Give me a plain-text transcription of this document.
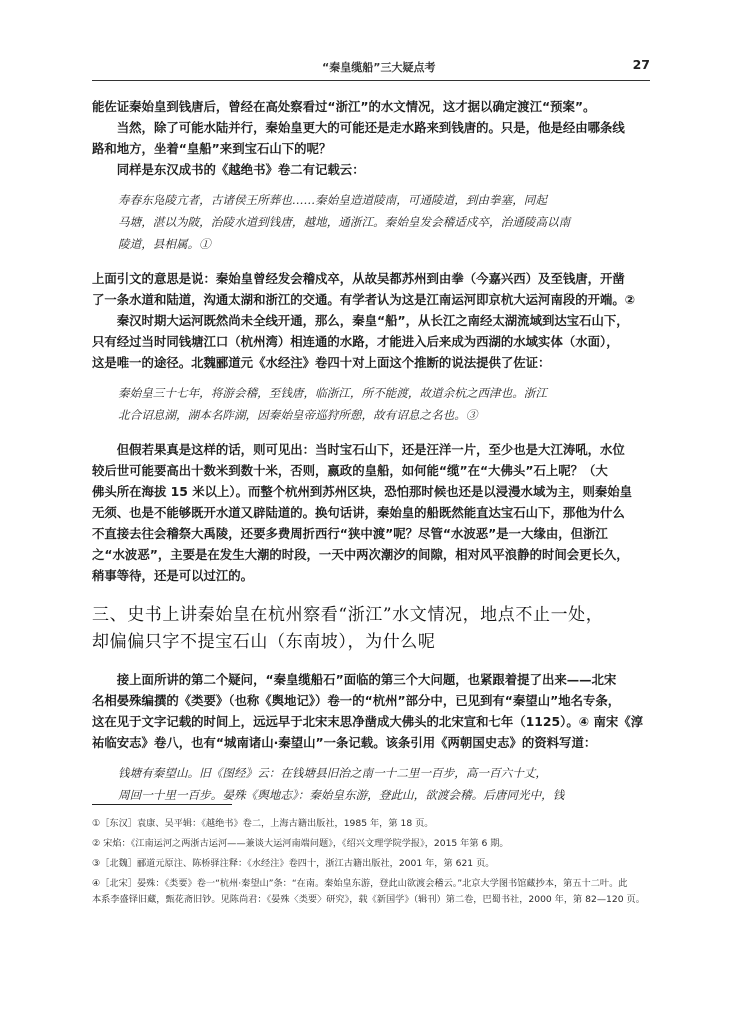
“秦皇缆船”三大疑点考	27

能佐证秦始皇到钱唐后，曾经在高处察看过“浙江”的水文情况，这才据以确定渡江“预案”。

　　当然，除了可能水陆并行，秦始皇更大的可能还是走水路来到钱唐的。只是，他是经由哪条线

路和地方，坐着“皇船”来到宝石山下的呢？

　　同样是东汉成书的《越绝书》卷二有记载云：

寿春东凫陵亢者，古诸侯王所葬也……秦始皇造道陵南，可通陵道，到由拳塞，同起

马塘，湛以为陂，治陵水道到钱唐，越地，通浙江。秦始皇发会稽适戍卒，治通陵高以南

陵道，县相属。①

上面引文的意思是说：秦始皇曾经发会稽戍卒，从故吴都苏州到由拳（今嘉兴西）及至钱唐，开凿

了一条水道和陆道，沟通太湖和浙江的交通。有学者认为这是江南运河即京杭大运河南段的开端。②

　　秦汉时期大运河既然尚未全线开通，那么，秦皇“船”，从长江之南经太湖流域到达宝石山下，

只有经过当时同钱塘江口（杭州湾）相连通的水路，才能进入后来成为西湖的水域实体（水面），

这是唯一的途径。北魏郦道元《水经注》卷四十对上面这个推断的说法提供了佐证：

秦始皇三十七年，将游会稽，至钱唐，临浙江，所不能渡，故道余杭之西津也。浙江

北合诏息湖，湖本名阼湖，因秦始皇帝巡狩所憩，故有诏息之名也。③

　　但假若果真是这样的话，则可见出：当时宝石山下，还是汪洋一片，至少也是大江涛吼，水位

较后世可能要高出十数米到数十米，否则，嬴政的皇船，如何能“缆”在“大佛头”石上呢？（大

佛头所在海拔 15 米以上）。而整个杭州到苏州区块，恐怕那时候也还是以浸漫水域为主，则秦始皇

无须、也是不能够既开水道又辟陆道的。换句话讲，秦始皇的船既然能直达宝石山下，那他为什么

不直接去往会稽祭大禹陵，还要多费周折西行“狭中渡”呢？尽管“水波恶”是一大缘由，但浙江

之“水波恶”，主要是在发生大潮的时段，一天中两次潮汐的间隙，相对风平浪静的时间会更长久，

稍事等待，还是可以过江的。

三、史书上讲秦始皇在杭州察看“浙江”水文情况，地点不止一处，

却偏偏只字不提宝石山（东南坡），为什么呢

　　接上面所讲的第二个疑问，“秦皇缆船石”面临的第三个大问题，也紧跟着提了出来——北宋

名相晏殊编撰的《类要》（也称《舆地记》）卷一的“杭州”部分中，已见到有“秦望山”地名专条，

这在见于文字记载的时间上，远远早于北宋末思净凿成大佛头的北宋宣和七年（1125）。④ 南宋《淳

祐临安志》卷八，也有“城南诸山·秦望山”一条记载。该条引用《两朝国史志》的资料写道：

钱塘有秦望山。旧《图经》云：在钱塘县旧治之南一十二里一百步，高一百六十丈，

周回一十里一百步。晏殊《舆地志》：秦始皇东游，登此山，欲渡会稽。后唐同光中，钱

①［东汉］袁康、吴平辑：《越绝书》卷二，上海古籍出版社，1985 年，第 18 页。

② 宋焰：《江南运河之两浙古运河——兼谈大运河南端问题》，《绍兴文理学院学报》，2015 年第 6 期。

③［北魏］郦道元原注、陈桥驿注释：《水经注》卷四十，浙江古籍出版社，2001 年，第 621 页。

④［北宋］晏殊：《类要》卷一“杭州·秦望山”条：“在南。秦始皇东游，登此山欲渡会稽云。”北京大学图书馆藏抄本，第五十二叶。此

本系李盛铎旧藏，甄花斋旧钞。见陈尚君：《晏殊〈类要〉研究》，载《新国学》（辑刊）第二卷，巴蜀书社，2000 年，第 82—120 页。
